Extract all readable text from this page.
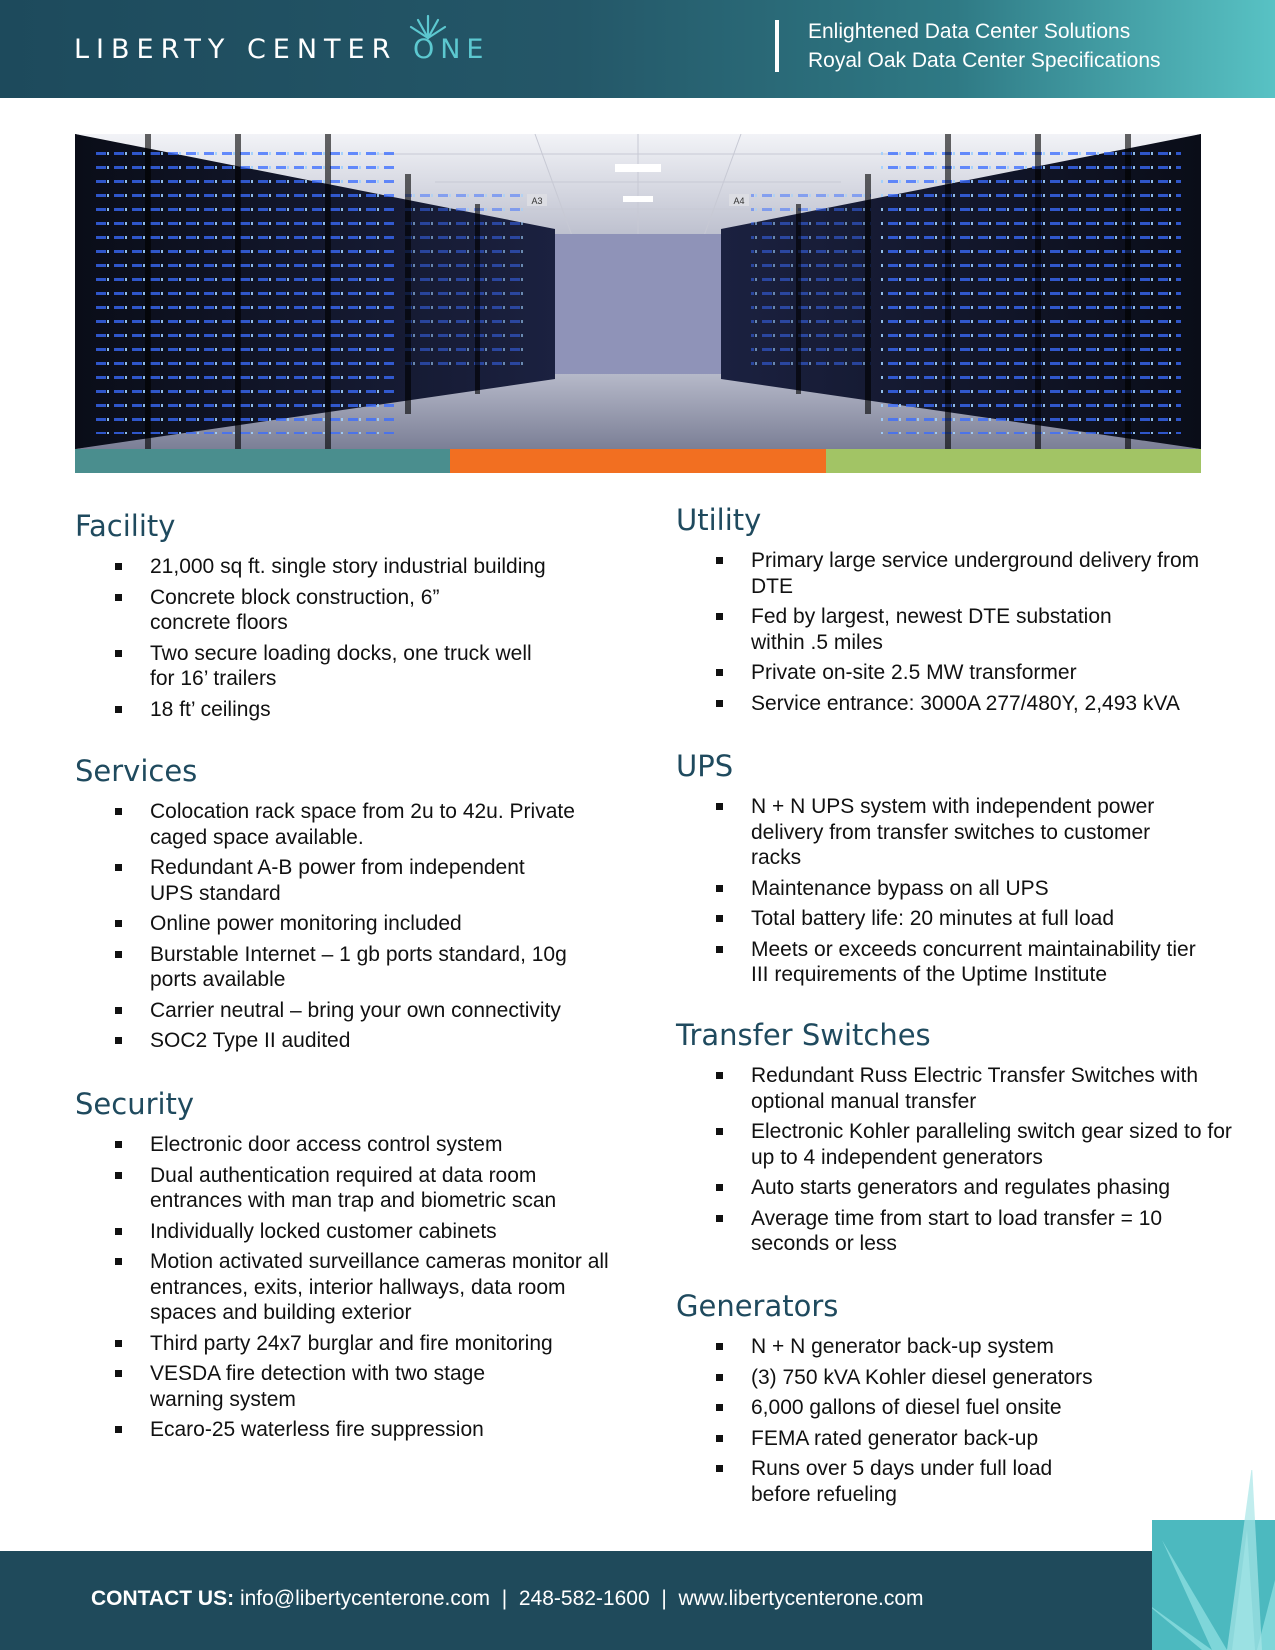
LIBERTY CENTER ONE
Enlightened Data Center Solutions
Royal Oak Data Center Specifications
A3	A4
Facility
21,000 sq ft. single story industrial building
Concrete block construction, 6” concrete floors
Two secure loading docks, one truck well for 16’ trailers
18 ft’ ceilings
Services
Colocation rack space from 2u to 42u. Private caged space available.
Redundant A-B power from independent UPS standard
Online power monitoring included
Burstable Internet – 1 gb ports standard, 10g ports available
Carrier neutral – bring your own connectivity
SOC2 Type II audited
Security
Electronic door access control system
Dual authentication required at data room entrances with man trap and biometric scan
Individually locked customer cabinets
Motion activated surveillance cameras monitor all entrances, exits, interior hallways, data room spaces and building exterior
Third party 24x7 burglar and fire monitoring
VESDA fire detection with two stage warning system
Ecaro-25 waterless fire suppression
Utility
Primary large service underground delivery from DTE
Fed by largest, newest DTE substation within .5 miles
Private on-site 2.5 MW transformer
Service entrance: 3000A 277/480Y, 2,493 kVA
UPS
N + N UPS system with independent power delivery from transfer switches to customer racks
Maintenance bypass on all UPS
Total battery life: 20 minutes at full load
Meets or exceeds concurrent maintainability tier III requirements of the Uptime Institute
Transfer Switches
Redundant Russ Electric Transfer Switches with optional manual transfer
Electronic Kohler paralleling switch gear sized to for up to 4 independent generators
Auto starts generators and regulates phasing
Average time from start to load transfer = 10 seconds or less
Generators
N + N generator back-up system
(3) 750 kVA Kohler diesel generators
6,000 gallons of diesel fuel onsite
FEMA rated generator back-up
Runs over 5 days under full load before refueling
CONTACT US: info@libertycenterone.com | 248-582-1600 | www.libertycenterone.com
